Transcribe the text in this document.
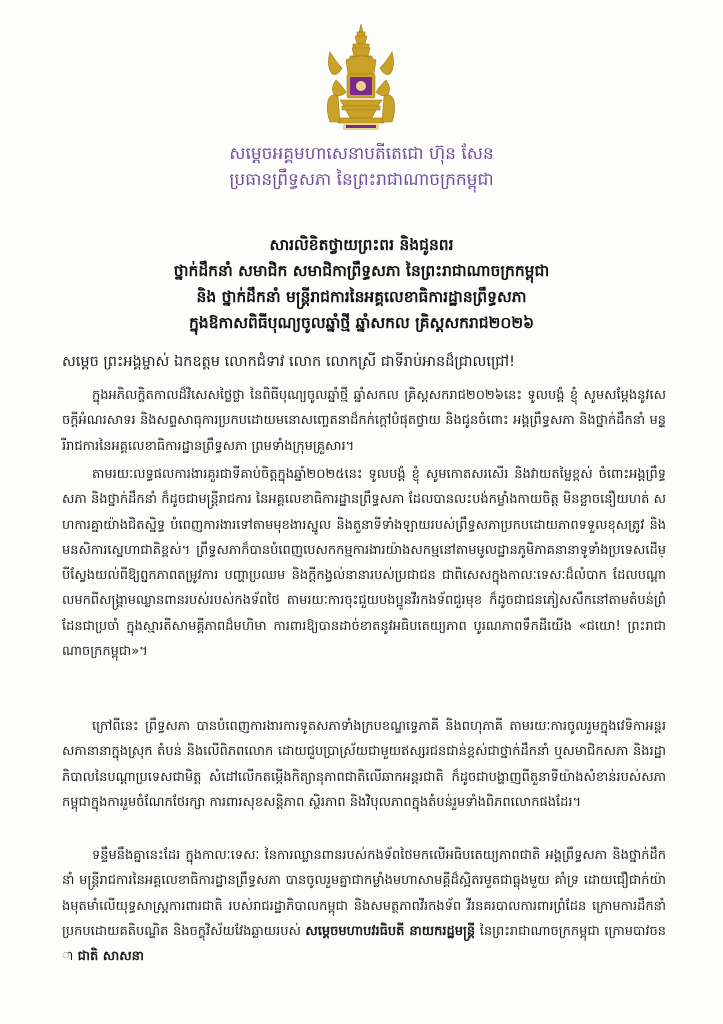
សម្តេចអគ្គមហាសេនាបតីតេជោ ហ៊ុន សែន
ប្រធានព្រឹទ្ធសភា នៃព្រះរាជាណាចក្រកម្ពុជា
សារលិខិតថ្វាយព្រះពរ និងជូនពរ
ថ្នាក់ដឹកនាំ សមាជិក សមាជិកាព្រឹទ្ធសភា នៃព្រះរាជាណាចក្រកម្ពុជា
និង ថ្នាក់ដឹកនាំ មន្ត្រីរាជការនៃអគ្គលេខាធិការដ្ឋានព្រឹទ្ធសភា
ក្នុងឱកាសពិធីបុណ្យចូលឆ្នាំថ្មី ឆ្នាំសកល គ្រិស្តសករាជ២០២៦
សម្តេច ព្រះអង្គម្ចាស់ ឯកឧត្តម លោកជំទាវ លោក លោកស្រី ជាទីរាប់អានដ៏ជ្រាលជ្រៅ!

ក្នុងអភិលក្ខិតកាលដ៏វិសេសថ្លៃថ្លា នៃពិធីបុណ្យចូលឆ្នាំថ្មី ឆ្នាំសកល គ្រិស្តសករាជ២០២៦នេះ ទូលបង្គំ ខ្ញុំ សូមសម្តែងនូវសេចក្តីអំណរសាទរ និងសព្ទសាធុការប្រកបដោយមនោសញ្ចេតនាដ៏កក់ក្តៅបំផុតថ្វាយ និងជូនចំពោះ អង្គព្រឹទ្ធសភា និងថ្នាក់ដឹកនាំ មន្ត្រីរាជការនៃអគ្គលេខាធិការដ្ឋានព្រឹទ្ធសភា ព្រមទាំងក្រុមគ្រួសារ។

តាមរយៈលទ្ធផលការងារគួរជាទីគាប់ចិត្តក្នុងឆ្នាំ២០២៥នេះ ទូលបង្គំ ខ្ញុំ សូមកោតសរសើរ និងវាយតម្លៃខ្ពស់ ចំពោះអង្គព្រឹទ្ធសភា និងថ្នាក់ដឹកនាំ ក៏ដូចជាមន្ត្រីរាជការ នៃអគ្គលេខាធិការដ្ឋានព្រឹទ្ធសភា ដែលបានលះបង់កម្លាំងកាយចិត្ត មិនខ្លាចនឿយហត់ សហការគ្នាយ៉ាងជិតស្និទ្ធ បំពេញការងារទៅតាមមុខងារស្នូល និងតួនាទីទាំងឡាយរបស់ព្រឹទ្ធសភាប្រកបដោយភាពទទួលខុសត្រូវ និងមនសិការស្នេហាជាតិខ្ពស់។ ព្រឹទ្ធសភាក៏បានបំពេញបេសកកម្មការងារយ៉ាងសកម្មនៅតាមមូលដ្ឋានភូមិភាគនានាទូទាំងប្រទេសដើម្បីស្វែងយល់ពីឱ្យព្នកភាពតម្រូវការ បញ្ហាប្រឈម និងក្តីកង្វល់នានារបស់ប្រជាជន ជាពិសេសក្នុងកាលៈទេសៈដ៏លំបាក ដែលបណ្តាលមកពីសង្គ្រាមឈ្លានពានរបស់របស់កងទ័ពថៃ តាមរយៈការចុះជួយបងប្អូនវីរកងទ័ពជួរមុខ ក៏ដូចជាជនភៀសសឹកនៅតាមតំបន់ព្រំដែនជាប្រចាំ ក្នុងស្មារតីសាមគ្គីភាពដ៏មហិមា ការពារឱ្យបានដាច់ខាតនូវអធិបតេយ្យភាព បូរណភាពទឹកដីយើង «ជយោ! ព្រះរាជាណាចក្រកម្ពុជា»។

ក្រៅពីនេះ ព្រឹទ្ធសភា បានបំពេញការងារការទូតសភាទាំងក្របខណ្ឌទ្វេភាគី និងពហុភាគី តាមរយៈការចូលរួមក្នុងវេទិកាអន្តរសភានានាក្នុងស្រុក តំបន់ និងលើពិភពលោក ដោយជួបប្រាស្រ័យជាមួយឥស្សរជនជាន់ខ្ពស់ជាថ្នាក់ដឹកនាំ ឬសមាជិកសភា និងរដ្ឋាភិបាលនៃបណ្តាប្រទេសជាមិត្ត សំដៅលើកតម្កើងកិត្យានុភាពជាតិលើឆាកអន្តរជាតិ ក៏ដូចជាបង្ហាញពីតួនាទីយ៉ាងសំខាន់របស់សភាកម្ពុជាក្នុងការរួមចំណែកថែរក្សា ការពារសុខសន្តិភាព ស្ថិរភាព និងវិបុលភាពក្នុងតំបន់រួមទាំងពិភពលោកផងដែរ។

ទន្ទឹមនឹងគ្នានេះដែរ ក្នុងកាលៈទេសៈ នៃការឈ្លានពានរបស់កងទ័ពថៃមកលើអធិបតេយ្យភាពជាតិ អង្គព្រឹទ្ធសភា និងថ្នាក់ដឹកនាំ មន្ត្រីរាជការនៃអគ្គលេខាធិការដ្ឋានព្រឹទ្ធសភា បានចូលរួមគ្នាជាកម្លាំងមហាសាមគ្គីដ៏ស្អិតរមួតជាធ្លុងមួយ គាំទ្រ ដោយជឿជាក់យ៉ាងមុតមាំលើយុទ្ធសាស្រ្តការពារជាតិ របស់រាជរដ្ឋាភិបាលកម្ពុជា និងសមត្ថភាពវីរកងទ័ព វីរនគរបាលការពារព្រំដែន ក្រោមការដឹកនាំប្រកបដោយគតិបណ្ឌិត និងចក្ខុវិស័យវែងឆ្ងាយរបស់ សម្តេចមហាបវរធិបតី នាយករដ្ឋមន្ត្រី នៃព្រះរាជាណាចក្រកម្ពុជា ក្រោមបាវចនា ជាតិ សាសនា
